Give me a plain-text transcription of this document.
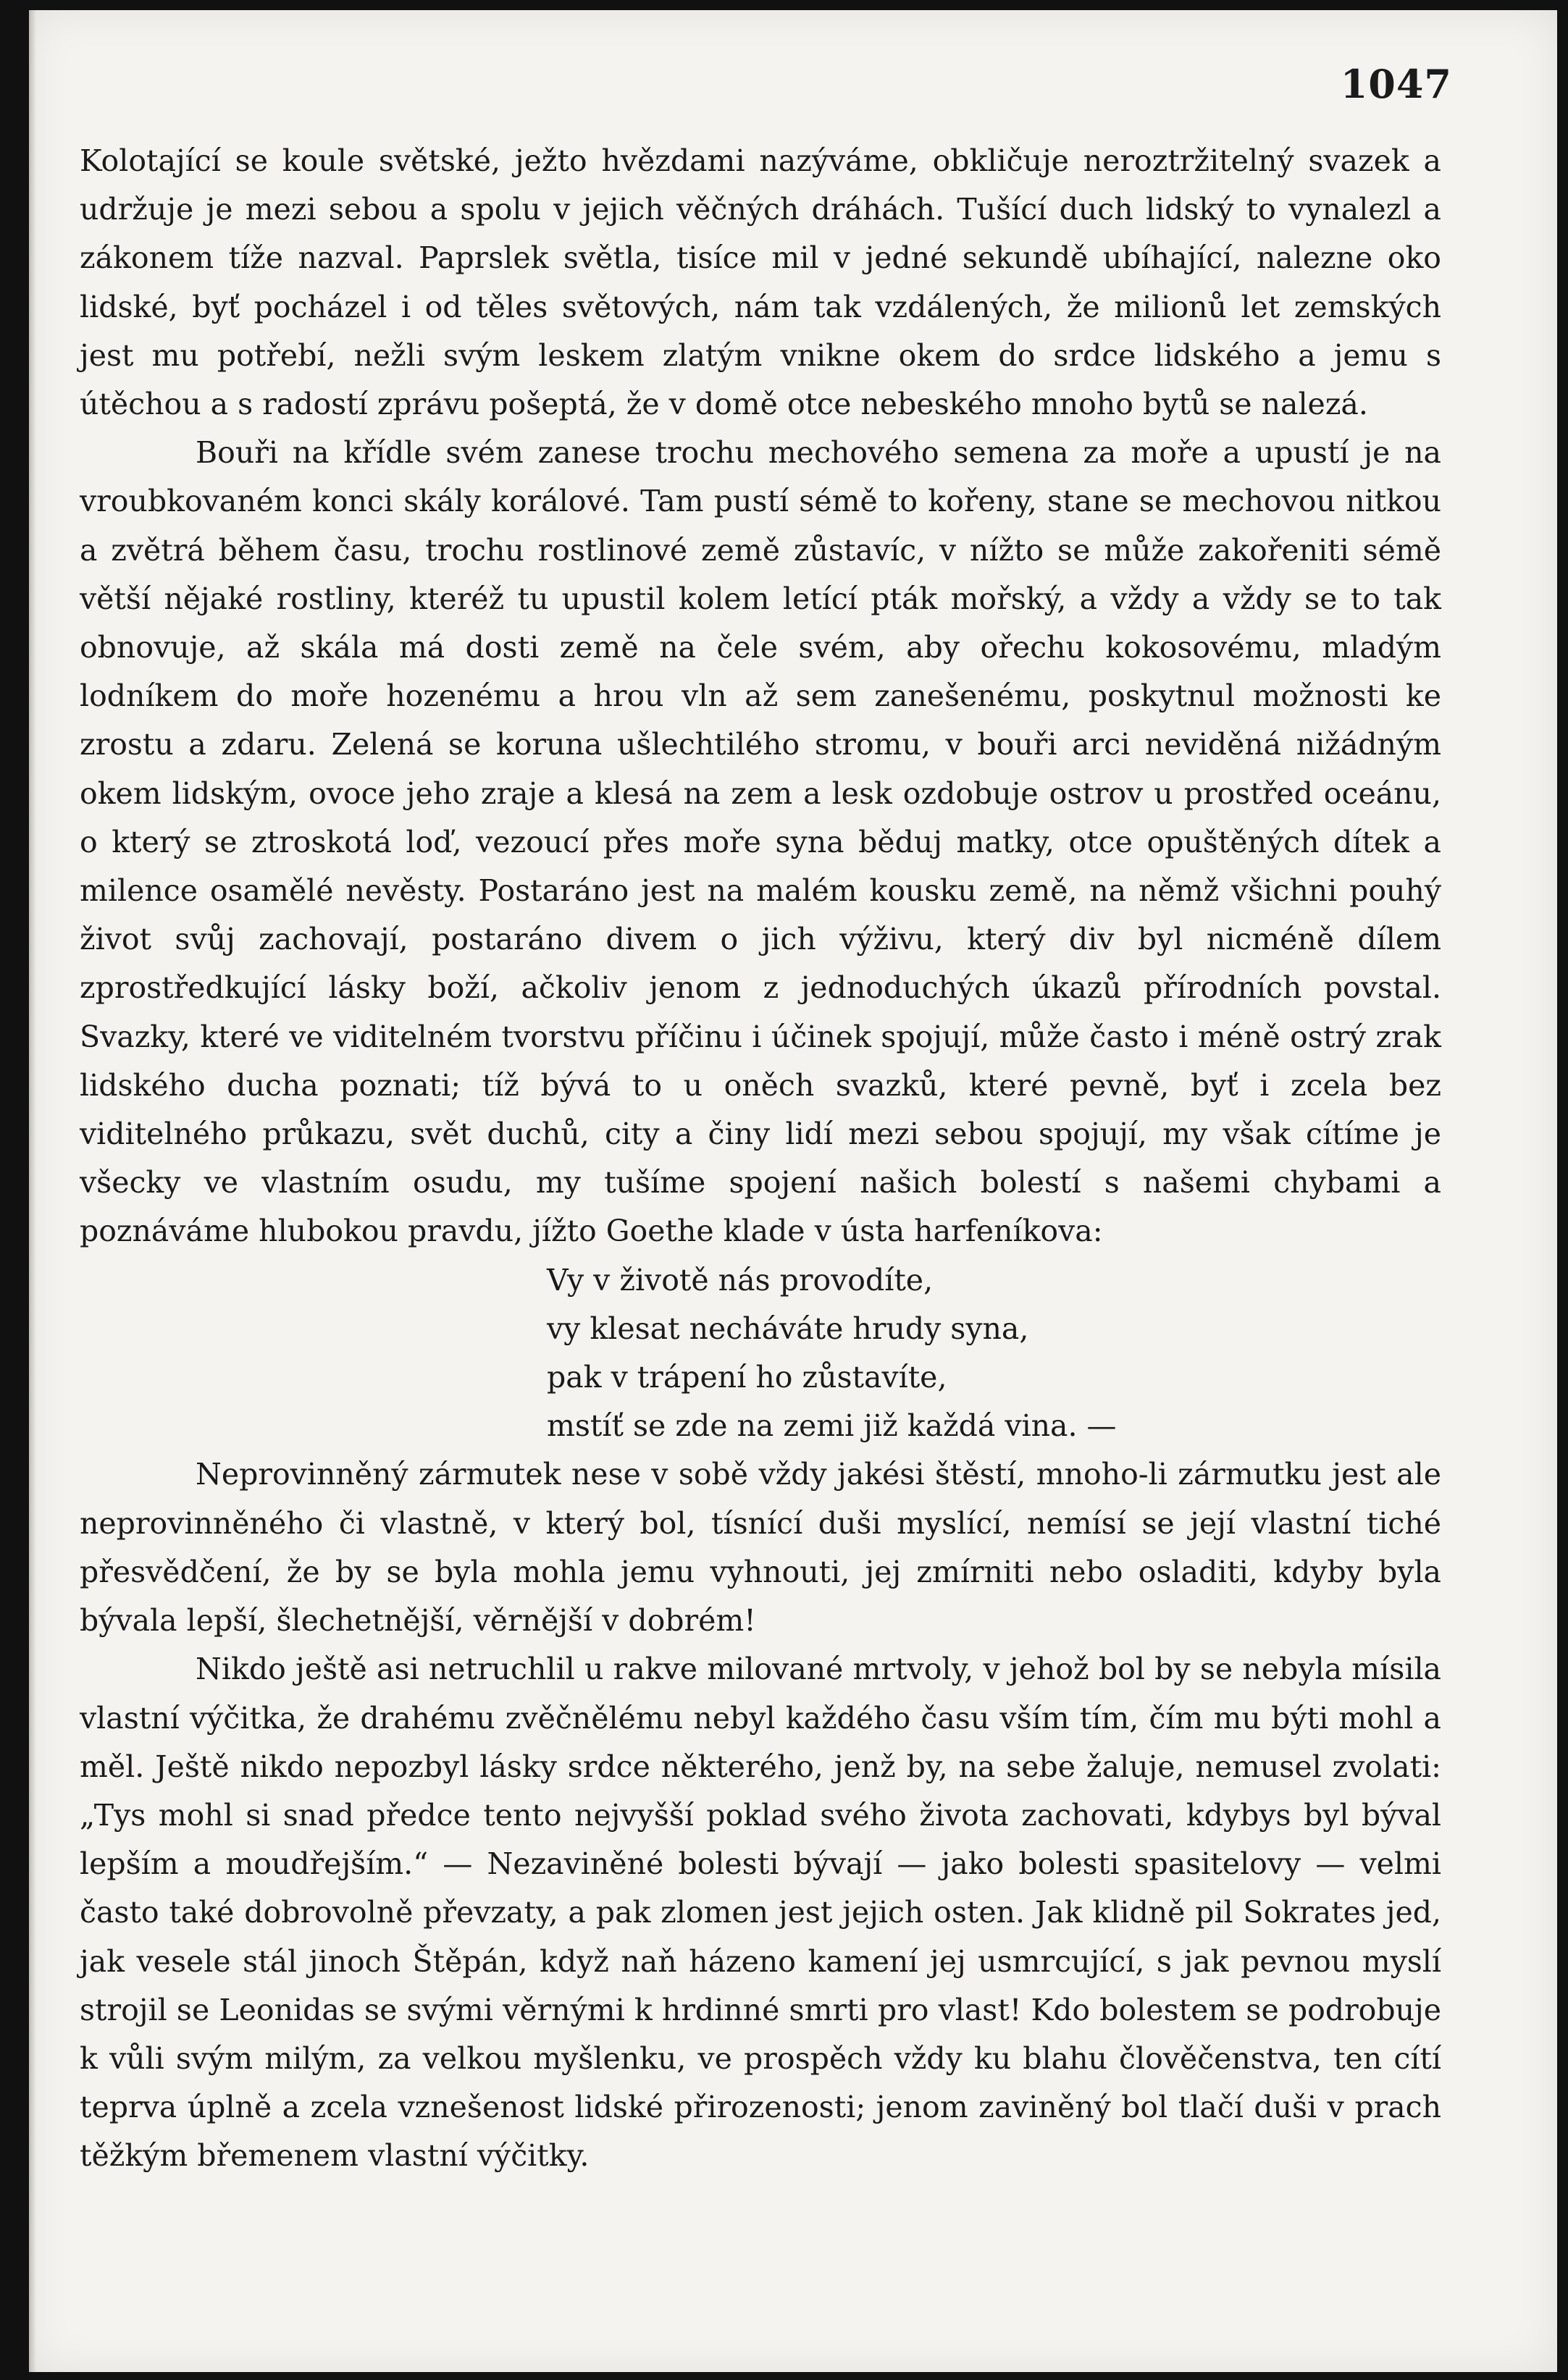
1047

Kolotající se koule světské, ježto hvězdami nazýváme, obkličuje neroztržitelný svazek a udržuje je mezi sebou a spolu v jejich věčných dráhách. Tušící duch lidský to vynalezl a zákonem tíže nazval. Paprslek světla, tisíce mil v jedné sekundě ubíhající, nalezne oko lidské, byť pocházel i od těles světových, nám tak vzdálených, že milionů let zemských jest mu potřebí, nežli svým leskem zlatým vnikne okem do srdce lidského a jemu s útěchou a s radostí zprávu pošeptá, že v domě otce nebeského mnoho bytů se nalezá.

Bouři na křídle svém zanese trochu mechového semena za moře a upustí je na vroubkovaném konci skály korálové. Tam pustí sémě to kořeny, stane se mechovou nitkou a zvětrá během času, trochu rostlinové země zůstavíc, v nížto se může zakořeniti sémě větší nějaké rostliny, kteréž tu upustil kolem letící pták mořský, a vždy a vždy se to tak obnovuje, až skála má dosti země na čele svém, aby ořechu kokosovému, mladým lodníkem do moře hozenému a hrou vln až sem zanešenému, poskytnul možnosti ke zrostu a zdaru. Zelená se koruna ušlechtilého stromu, v bouři arci neviděná nižádným okem lidským, ovoce jeho zraje a klesá na zem a lesk ozdobuje ostrov u prostřed oceánu, o který se ztroskotá loď, vezoucí přes moře syna běduj matky, otce opuštěných dítek a milence osamělé nevěsty. Postaráno jest na malém kousku země, na němž všichni pouhý život svůj zachovají, postaráno divem o jich výživu, který div byl nicméně dílem zprostředkující lásky boží, ačkoliv jenom z jednoduchých úkazů přírodních povstal. Svazky, které ve viditelném tvorstvu příčinu i účinek spojují, může často i méně ostrý zrak lidského ducha poznati; tíž bývá to u oněch svazků, které pevně, byť i zcela bez viditelného průkazu, svět duchů, city a činy lidí mezi sebou spojují, my však cítíme je všecky ve vlastním osudu, my tušíme spojení našich bolestí s našemi chybami a poznáváme hlubokou pravdu, jížto Goethe klade v ústa harfeníkova:

Vy v životě nás provodíte,
vy klesat necháváte hrudy syna,
pak v trápení ho zůstavíte,
mstíť se zde na zemi již každá vina. —

Neprovinněný zármutek nese v sobě vždy jakési štěstí, mnoho-li zármutku jest ale neprovinněného či vlastně, v který bol, tísnící duši myslící, nemísí se její vlastní tiché přesvědčení, že by se byla mohla jemu vyhnouti, jej zmírniti nebo osladiti, kdyby byla bývala lepší, šlechetnější, věrnější v dobrém!

Nikdo ještě asi netruchlil u rakve milované mrtvoly, v jehož bol by se nebyla mísila vlastní výčitka, že drahému zvěčnělému nebyl každého času vším tím, čím mu býti mohl a měl. Ještě nikdo nepozbyl lásky srdce některého, jenž by, na sebe žaluje, nemusel zvolati: „Tys mohl si snad předce tento nejvyšší poklad svého života zachovati, kdybys byl býval lepším a moudřejším.“ — Nezaviněné bolesti bývají — jako bolesti spasitelovy — velmi často také dobrovolně převzaty, a pak zlomen jest jejich osten. Jak klidně pil Sokrates jed, jak vesele stál jinoch Štěpán, když naň házeno kamení jej usmrcující, s jak pevnou myslí strojil se Leonidas se svými věrnými k hrdinné smrti pro vlast! Kdo bolestem se podrobuje k vůli svým milým, za velkou myšlenku, ve prospěch vždy ku blahu člověčenstva, ten cítí teprva úplně a zcela vznešenost lidské přirozenosti; jenom zaviněný bol tlačí duši v prach těžkým břemenem vlastní výčitky.
